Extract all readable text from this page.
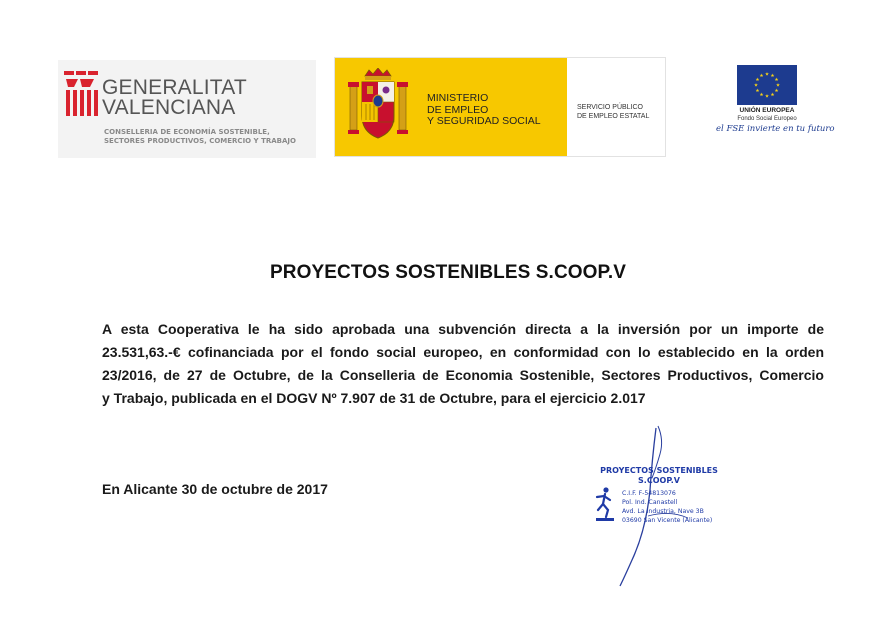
GENERALITAT
VALENCIANA
CONSELLERIA DE ECONOMÍA SOSTENIBLE,
SECTORES PRODUCTIVOS, COMERCIO Y TRABAJO
MINISTERIO
DE EMPLEO
Y SEGURIDAD SOCIAL
SERVICIO PÚBLICO
DE EMPLEO ESTATAL
UNIÓN EUROPEA
Fondo Social Europeo
el FSE invierte en tu futuro
PROYECTOS SOSTENIBLES S.COOP.V
A esta Cooperativa le ha sido aprobada una subvención directa a la inversión por un importe de
23.531,63.-€ cofinanciada por el fondo social europeo, en conformidad con lo establecido en la orden
23/2016, de 27 de Octubre, de la Conselleria de Economia Sostenible, Sectores Productivos, Comercio
y Trabajo, publicada en el DOGV Nº 7.907 de 31 de Octubre, para el ejercicio 2.017
En Alicante 30 de octubre de 2017
PROYECTOS SOSTENIBLES
S.COOP.V
C.I.F. F-54813076
Pol. Ind. Canastell
Avd. La Industria, Nave 3B
03690 San Vicente (Alicante)
